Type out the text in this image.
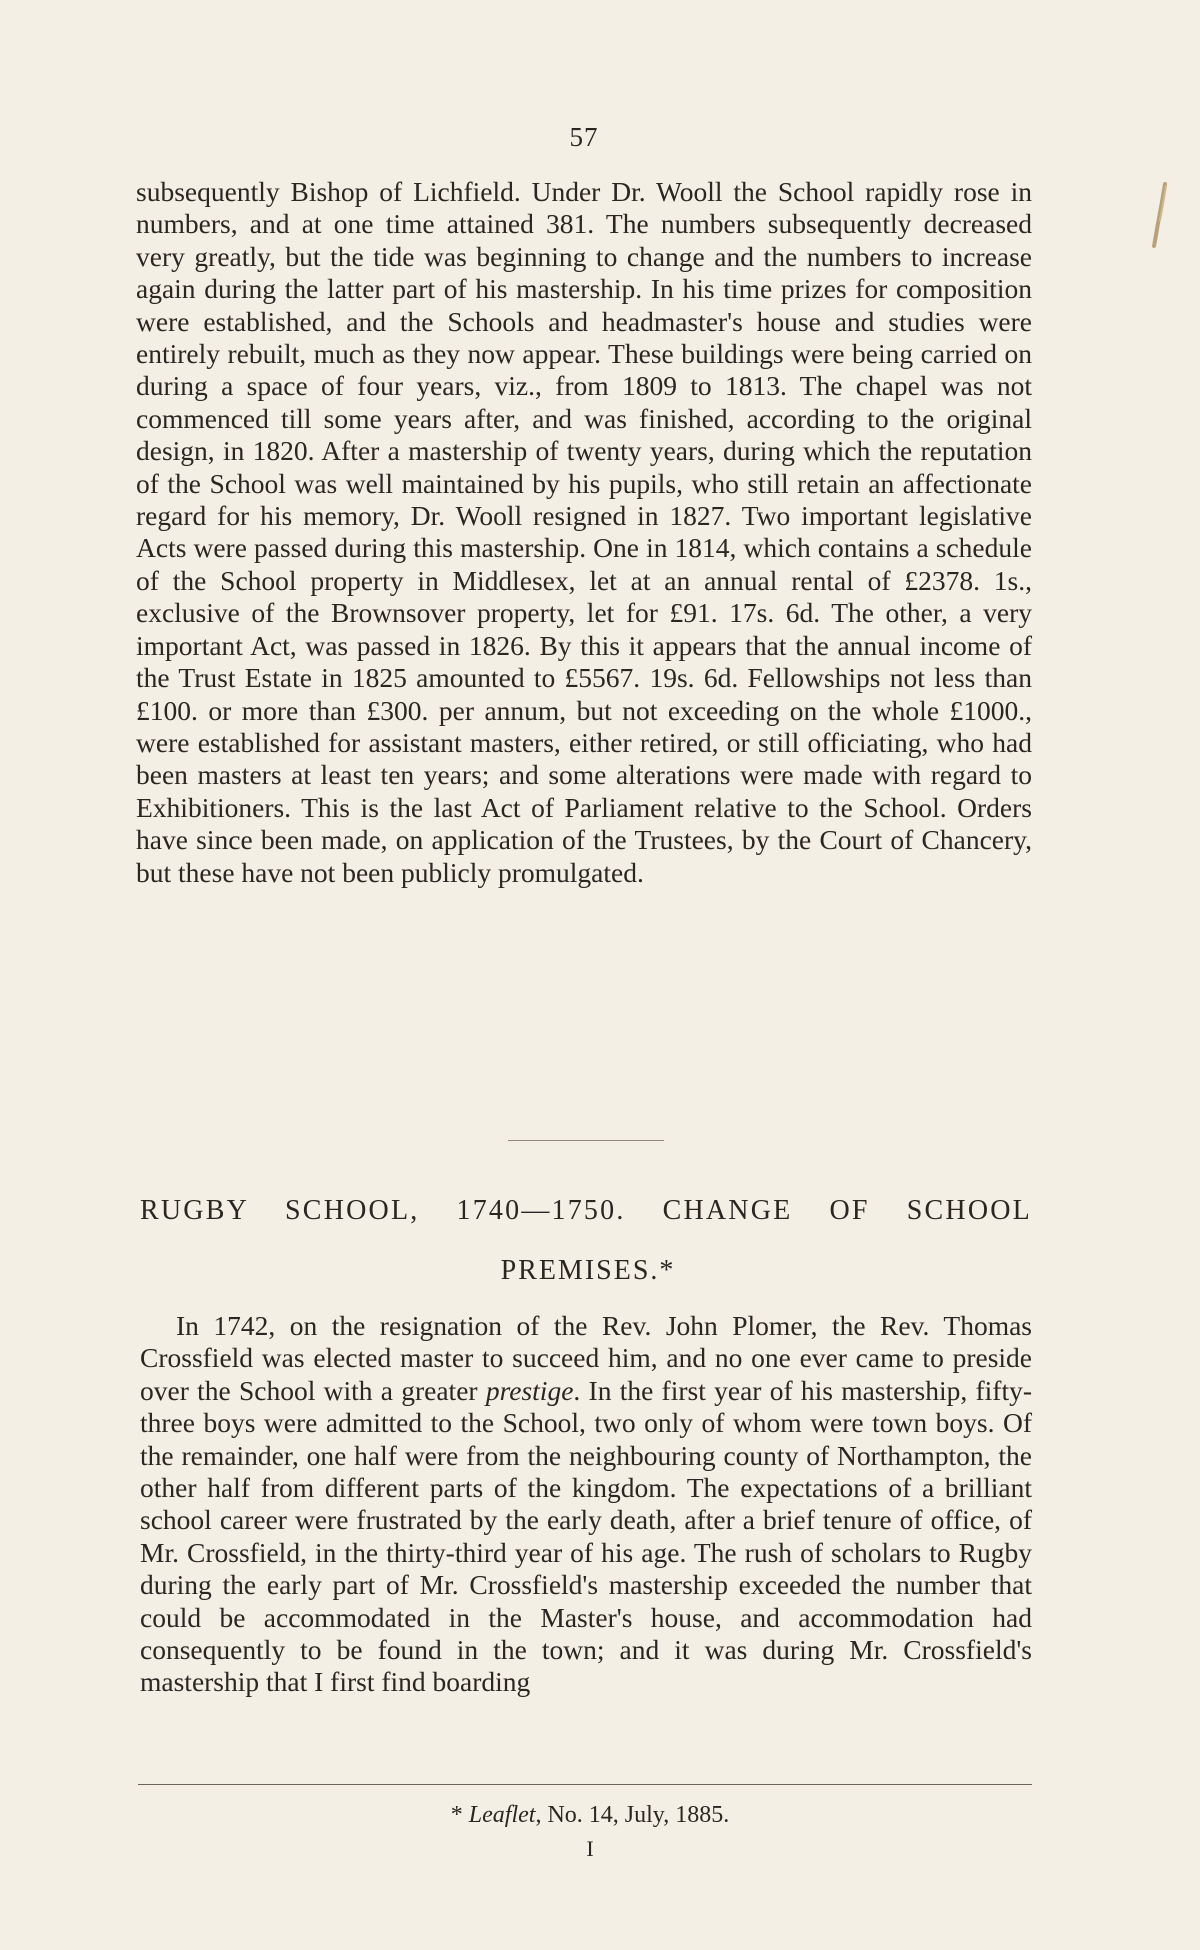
57

subsequently Bishop of Lichfield. Under Dr. Wooll the School rapidly rose in numbers, and at one time attained 381. The numbers subsequently decreased very greatly, but the tide was beginning to change and the numbers to increase again during the latter part of his mastership. In his time prizes for composition were established, and the Schools and headmaster's house and studies were entirely rebuilt, much as they now appear. These buildings were being carried on during a space of four years, viz., from 1809 to 1813. The chapel was not commenced till some years after, and was finished, according to the original design, in 1820. After a mastership of twenty years, during which the reputation of the School was well maintained by his pupils, who still retain an affectionate regard for his memory, Dr. Wooll resigned in 1827. Two important legislative Acts were passed during this mastership. One in 1814, which contains a schedule of the School property in Middlesex, let at an annual rental of £2378. 1s., exclusive of the Brownsover property, let for £91. 17s. 6d. The other, a very important Act, was passed in 1826. By this it appears that the annual income of the Trust Estate in 1825 amounted to £5567. 19s. 6d. Fellowships not less than £100. or more than £300. per annum, but not exceeding on the whole £1000., were established for assistant masters, either retired, or still officiating, who had been masters at least ten years; and some alterations were made with regard to Exhibitioners. This is the last Act of Parliament relative to the School. Orders have since been made, on application of the Trustees, by the Court of Chancery, but these have not been publicly promulgated.

RUGBY SCHOOL, 1740—1750. CHANGE OF SCHOOL
PREMISES.*

In 1742, on the resignation of the Rev. John Plomer, the Rev. Thomas Crossfield was elected master to succeed him, and no one ever came to preside over the School with a greater prestige. In the first year of his mastership, fifty-three boys were admitted to the School, two only of whom were town boys. Of the remainder, one half were from the neighbouring county of Northampton, the other half from different parts of the kingdom. The expectations of a brilliant school career were frustrated by the early death, after a brief tenure of office, of Mr. Crossfield, in the thirty-third year of his age. The rush of scholars to Rugby during the early part of Mr. Crossfield's mastership exceeded the number that could be accommodated in the Master's house, and accommodation had consequently to be found in the town; and it was during Mr. Crossfield's mastership that I first find boarding

* Leaflet, No. 14, July, 1885.
I
